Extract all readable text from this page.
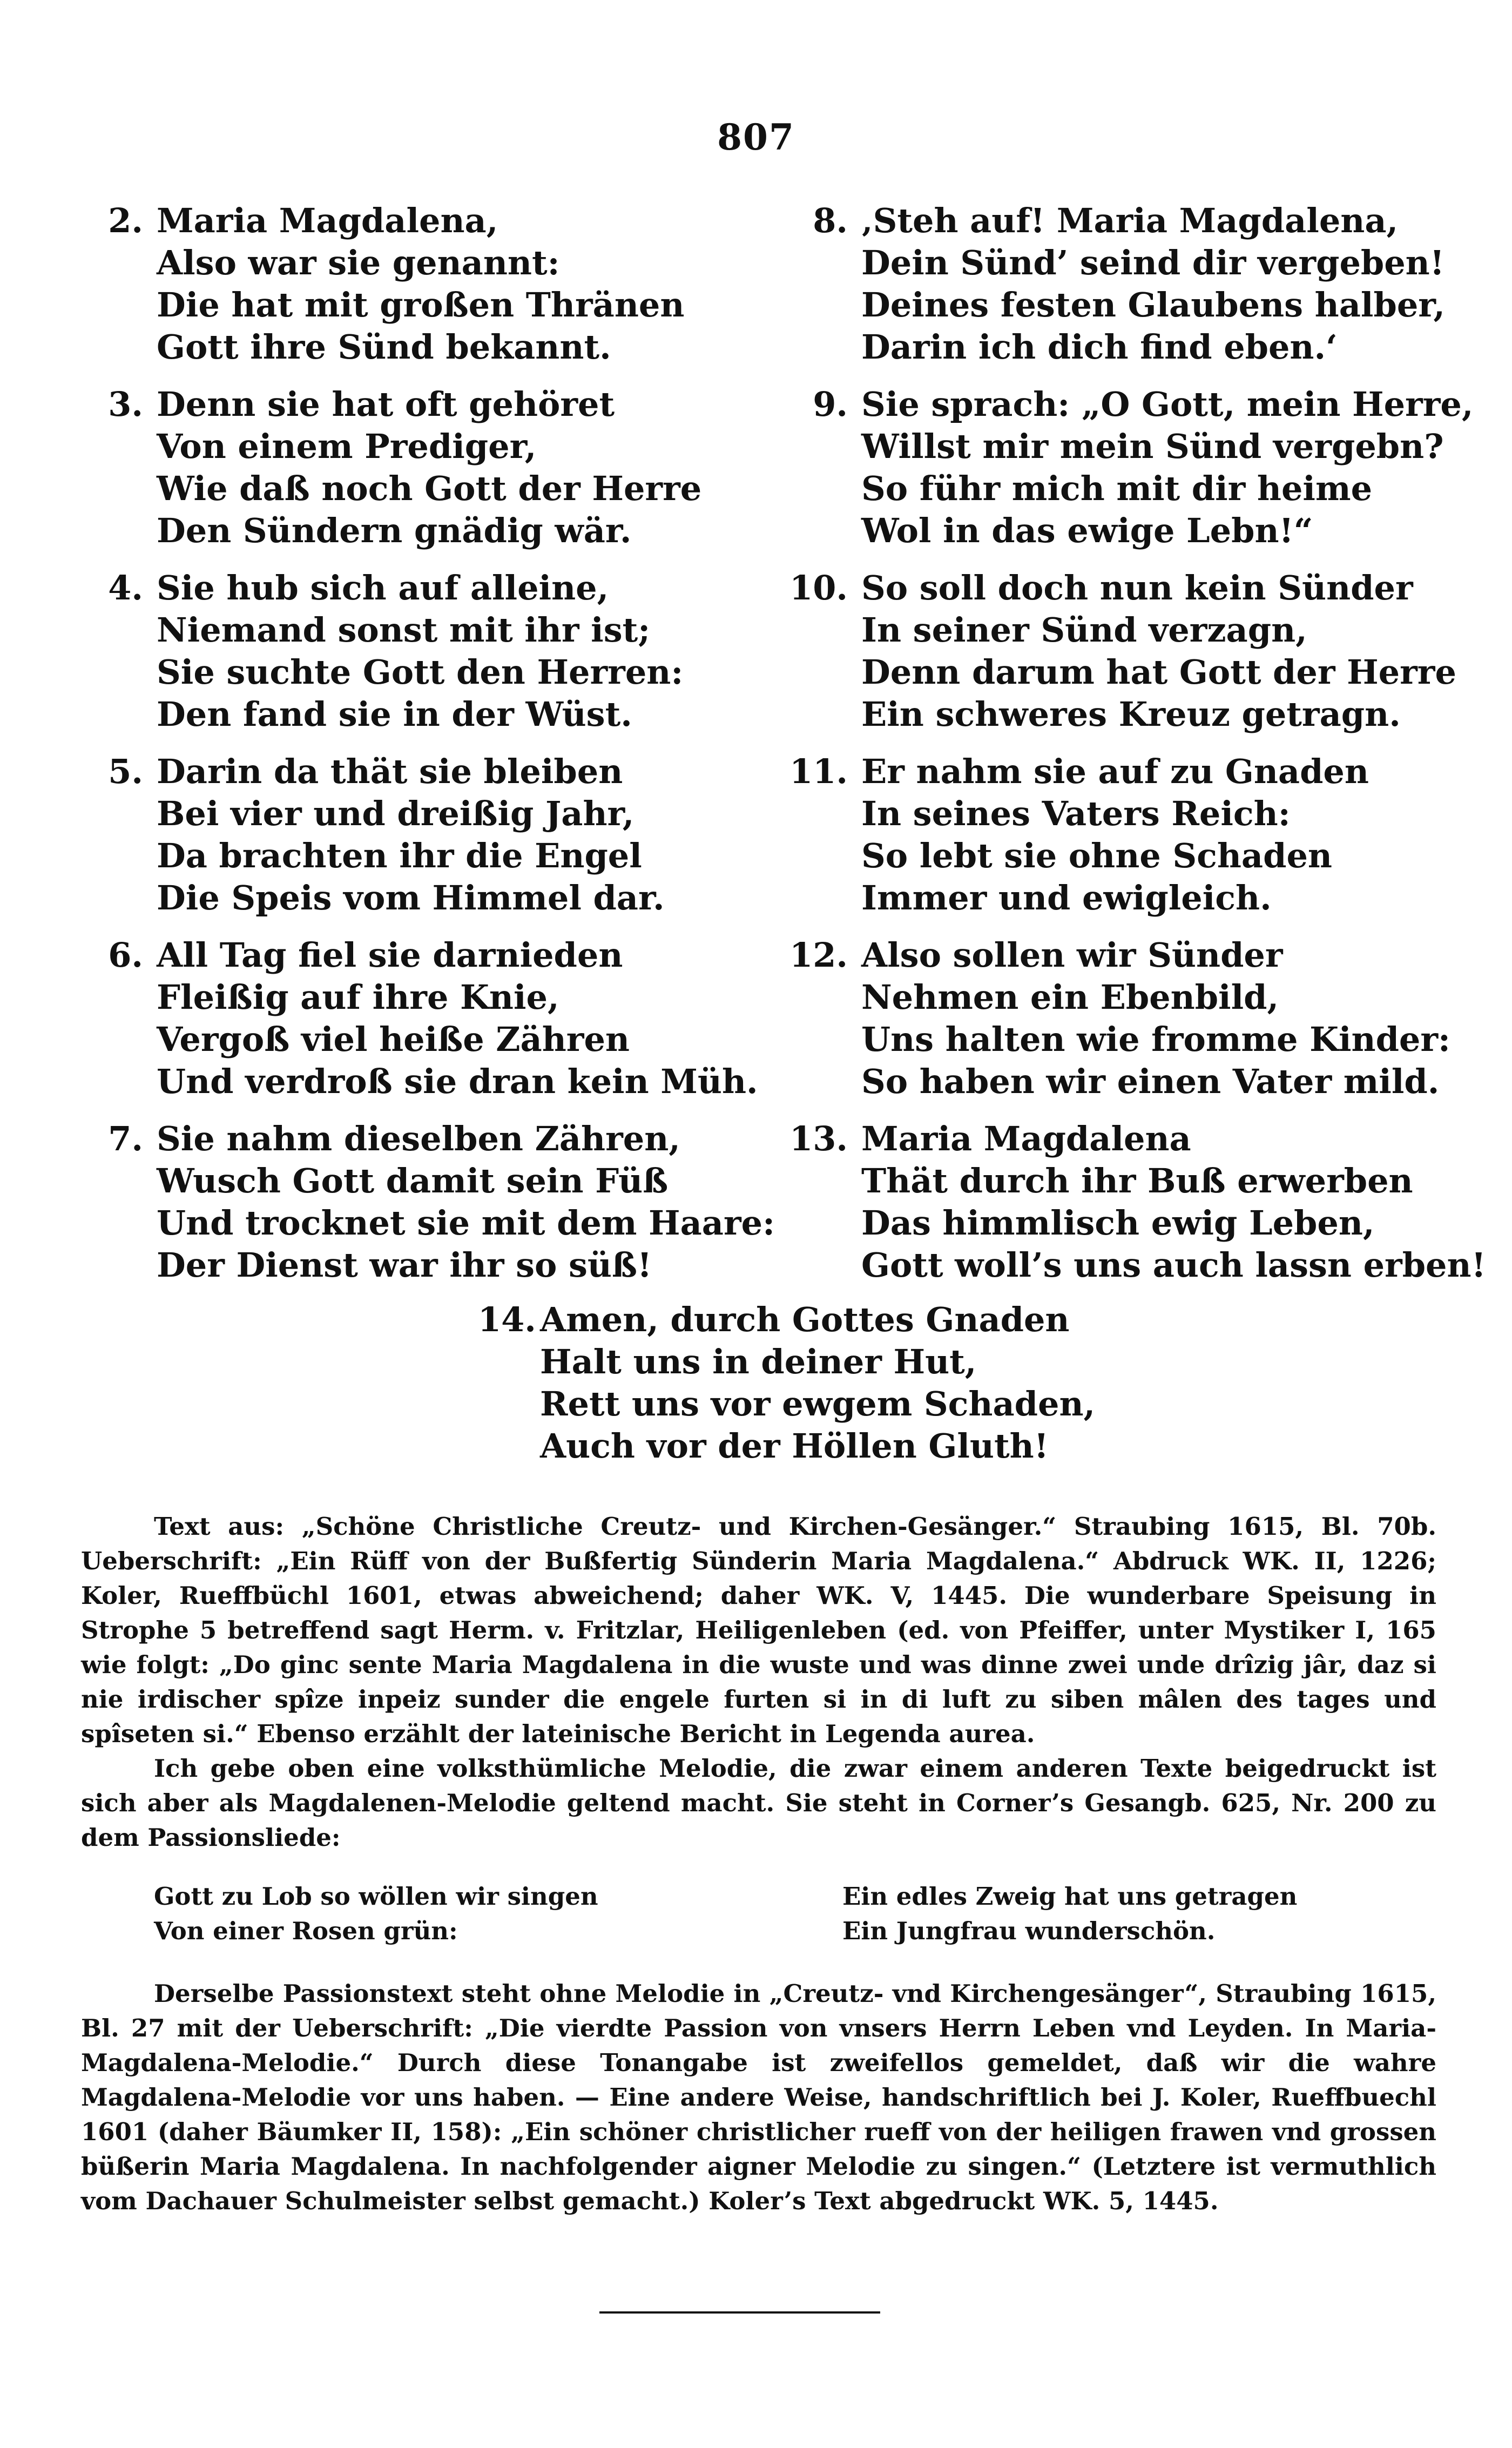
807
2. Maria Magdalena,
Also war sie genannt:
Die hat mit großen Thränen
Gott ihre Sünd bekannt.
3. Denn sie hat oft gehöret
Von einem Prediger,
Wie daß noch Gott der Herre
Den Sündern gnädig wär.
4. Sie hub sich auf alleine,
Niemand sonst mit ihr ist;
Sie suchte Gott den Herren:
Den fand sie in der Wüst.
5. Darin da thät sie bleiben
Bei vier und dreißig Jahr,
Da brachten ihr die Engel
Die Speis vom Himmel dar.
6. All Tag fiel sie darnieden
Fleißig auf ihre Knie,
Vergoß viel heiße Zähren
Und verdroß sie dran kein Müh.
7. Sie nahm dieselben Zähren,
Wusch Gott damit sein Füß
Und trocknet sie mit dem Haare:
Der Dienst war ihr so süß!
8. ‚Steh auf! Maria Magdalena,
Dein Sünd’ seind dir vergeben!
Deines festen Glaubens halber,
Darin ich dich find eben.‘
9. Sie sprach: „O Gott, mein Herre,
Willst mir mein Sünd vergebn?
So führ mich mit dir heime
Wol in das ewige Lebn!“
10. So soll doch nun kein Sünder
In seiner Sünd verzagn,
Denn darum hat Gott der Herre
Ein schweres Kreuz getragn.
11. Er nahm sie auf zu Gnaden
In seines Vaters Reich:
So lebt sie ohne Schaden
Immer und ewigleich.
12. Also sollen wir Sünder
Nehmen ein Ebenbild,
Uns halten wie fromme Kinder:
So haben wir einen Vater mild.
13. Maria Magdalena
Thät durch ihr Buß erwerben
Das himmlisch ewig Leben,
Gott woll’s uns auch lassn erben!
14. Amen, durch Gottes Gnaden
Halt uns in deiner Hut,
Rett uns vor ewgem Schaden,
Auch vor der Höllen Gluth!

Text aus: „Schöne Christliche Creutz- und Kirchen-Gesänger.“ Straubing 1615, Bl. 70b. Ueberschrift: „Ein Rüff von der Bußfertig Sünderin Maria Magdalena.“ Abdruck WK. II, 1226; Koler, Rueffbüchl 1601, etwas abweichend; daher WK. V, 1445. Die wunderbare Speisung in Strophe 5 betreffend sagt Herm. v. Fritzlar, Heiligenleben (ed. von Pfeiffer, unter Mystiker I, 165 wie folgt: „Do ginc sente Maria Magdalena in die wuste und was dinne zwei unde drîzig jâr, daz si nie irdischer spîze inpeiz sunder die engele furten si in di luft zu siben mâlen des tages und spîseten si.“ Ebenso erzählt der lateinische Bericht in Legenda aurea.

Ich gebe oben eine volksthümliche Melodie, die zwar einem anderen Texte beigedruckt ist sich aber als Magdalenen-Melodie geltend macht. Sie steht in Corner’s Gesangb. 625, Nr. 200 zu dem Passionsliede:

Gott zu Lob so wöllen wir singen
Von einer Rosen grün:
Ein edles Zweig hat uns getragen
Ein Jungfrau wunderschön.

Derselbe Passionstext steht ohne Melodie in „Creutz- vnd Kirchengesänger“, Straubing 1615, Bl. 27 mit der Ueberschrift: „Die vierdte Passion von vnsers Herrn Leben vnd Leyden. In Maria-Magdalena-Melodie.“ Durch diese Tonangabe ist zweifellos gemeldet, daß wir die wahre Magdalena-Melodie vor uns haben. — Eine andere Weise, handschriftlich bei J. Koler, Rueffbuechl 1601 (daher Bäumker II, 158): „Ein schöner christlicher rueff von der heiligen frawen vnd grossen büßerin Maria Magdalena. In nachfolgender aigner Melodie zu singen.“ (Letztere ist vermuthlich vom Dachauer Schulmeister selbst gemacht.) Koler’s Text abgedruckt WK. 5, 1445.
